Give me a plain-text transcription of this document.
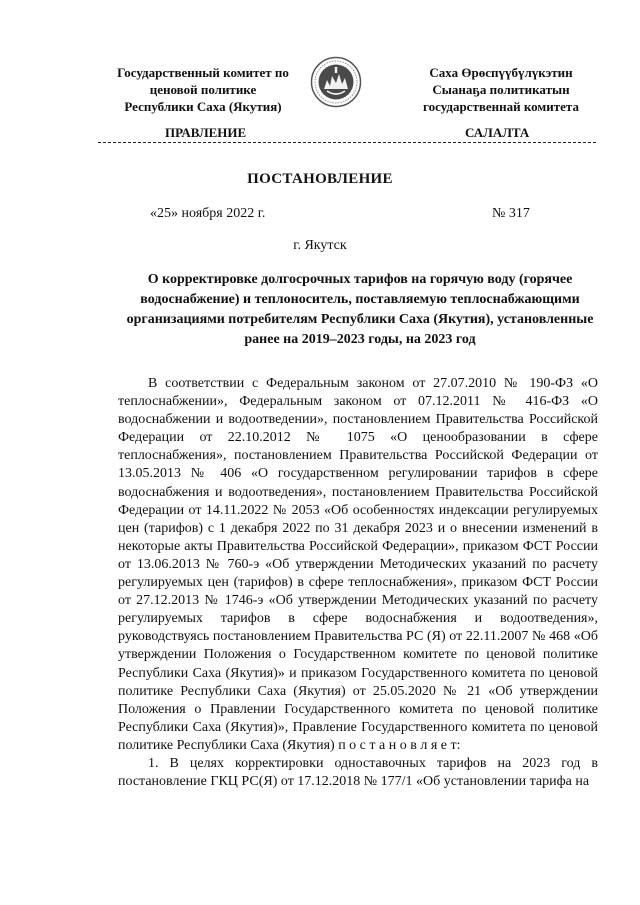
Государственный комитет по
ценовой политике
Республики Саха (Якутия)
Саха Өрөспүүбүлүкэтин
Сыанаҕа политикатын
государственнай комитета
ПРАВЛЕНИЕ	САЛАЛТА
ПОСТАНОВЛЕНИЕ
«25» ноября 2022 г.	№ 317
г. Якутск
О корректировке долгосрочных тарифов на горячую воду (горячее водоснабжение) и теплоноситель, поставляемую теплоснабжающими организациями потребителям Республики Саха (Якутия), установленные ранее на 2019–2023 годы, на 2023 год

В соответствии с Федеральным законом от 27.07.2010 № 190-ФЗ «О теплоснабжении», Федеральным законом от 07.12.2011 № 416-ФЗ «О водоснабжении и водоотведении», постановлением Правительства Российской Федерации от 22.10.2012 № 1075 «О ценообразовании в сфере теплоснабжения», постановлением Правительства Российской Федерации от 13.05.2013 № 406 «О государственном регулировании тарифов в сфере водоснабжения и водоотведения», постановлением Правительства Российской Федерации от 14.11.2022 № 2053 «Об особенностях индексации регулируемых цен (тарифов) с 1 декабря 2022 по 31 декабря 2023 и о внесении изменений в некоторые акты Правительства Российской Федерации», приказом ФСТ России от 13.06.2013 № 760-э «Об утверждении Методических указаний по расчету регулируемых цен (тарифов) в сфере теплоснабжения», приказом ФСТ России от 27.12.2013 № 1746-э «Об утверждении Методических указаний по расчету регулируемых тарифов в сфере водоснабжения и водоотведения», руководствуясь постановлением Правительства РС (Я) от 22.11.2007 № 468 «Об утверждении Положения о Государственном комитете по ценовой политике Республики Саха (Якутия)» и приказом Государственного комитета по ценовой политике Республики Саха (Якутия) от 25.05.2020 № 21 «Об утверждении Положения о Правлении Государственного комитета по ценовой политике Республики Саха (Якутия)», Правление Государственного комитета по ценовой политике Республики Саха (Якутия) п о с т а н о в л я е т:

1. В целях корректировки одноставочных тарифов на 2023 год в постановление ГКЦ РС(Я) от 17.12.2018 № 177/1 «Об установлении тарифа на
